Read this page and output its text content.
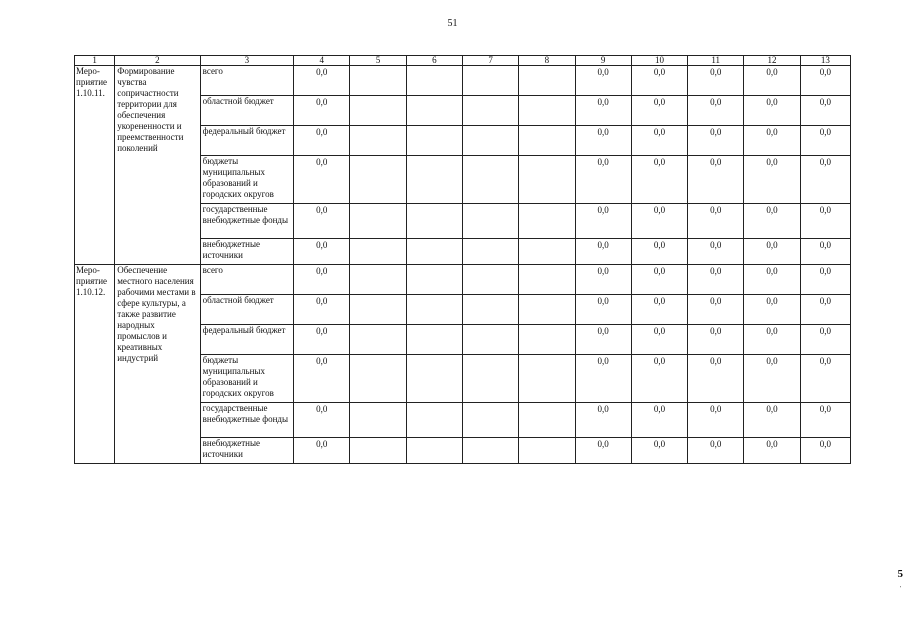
51
1	2	3	4	5	6	7	8	9	10	11	12	13
Меро-
приятие
1.10.11.	Формирование чувства сопричастности территории для обеспечения укорененности и преемственности поколений	всего	0,0					0,0	0,0	0,0	0,0	0,0
		областной бюджет	0,0					0,0	0,0	0,0	0,0	0,0
		федеральный бюджет	0,0					0,0	0,0	0,0	0,0	0,0
		бюджеты муниципальных образований и городских округов	0,0					0,0	0,0	0,0	0,0	0,0
		государственные внебюджетные фонды	0,0					0,0	0,0	0,0	0,0	0,0
		внебюджетные источники	0,0					0,0	0,0	0,0	0,0	0,0
Меро-
приятие
1.10.12.	Обеспечение местного населения рабочими местами в сфере культуры, а также развитие народных промыслов и креативных индустрий	всего	0,0					0,0	0,0	0,0	0,0	0,0
		областной бюджет	0,0					0,0	0,0	0,0	0,0	0,0
		федеральный бюджет	0,0					0,0	0,0	0,0	0,0	0,0
		бюджеты муниципальных образований и городских округов	0,0					0,0	0,0	0,0	0,0	0,0
		государственные внебюджетные фонды	0,0					0,0	0,0	0,0	0,0	0,0
		внебюджетные источники	0,0					0,0	0,0	0,0	0,0	0,0
5
'
